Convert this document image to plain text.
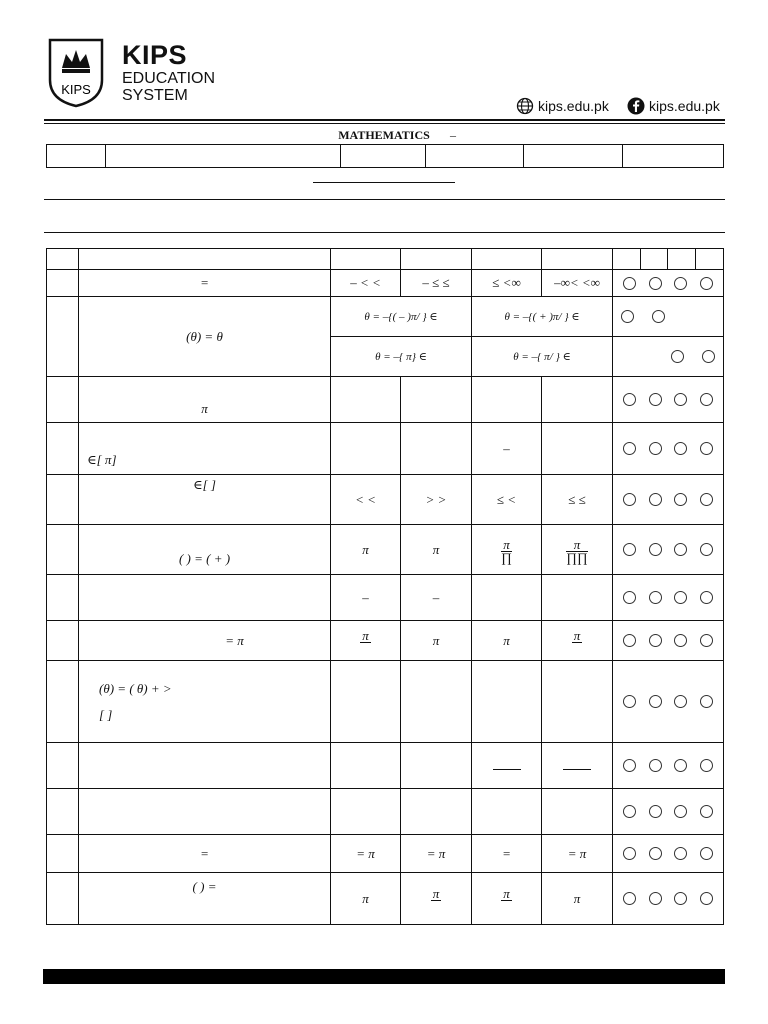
KIPS
KIPS
EDUCATION
SYSTEM
kips.edu.pk	kips.edu.pk
MATHEMATICS –

	=	– < <	– ≤ ≤	≤ <∞	–∞< <∞				

	(θ) = θ	θ = –{( – )π/ } ∈		θ = –{( + )π/ } ∈					

		θ = –{ π} ∈		θ = –{ π/ } ∈					

	π								

	∈[ π]			–					

	∈[ ]	< <	> >	≤ <	≤ ≤				

	( ) = ( + )	π	π	$\frac{\pi}{\prod}$	$\frac{\pi}{\prod\prod}$

		–	–						

	= π	π	π	π	π				

	(θ) = ( θ) + >
[ ]								

	=	= π	= π	=	= π				

	( ) =	π	π	π	π				
